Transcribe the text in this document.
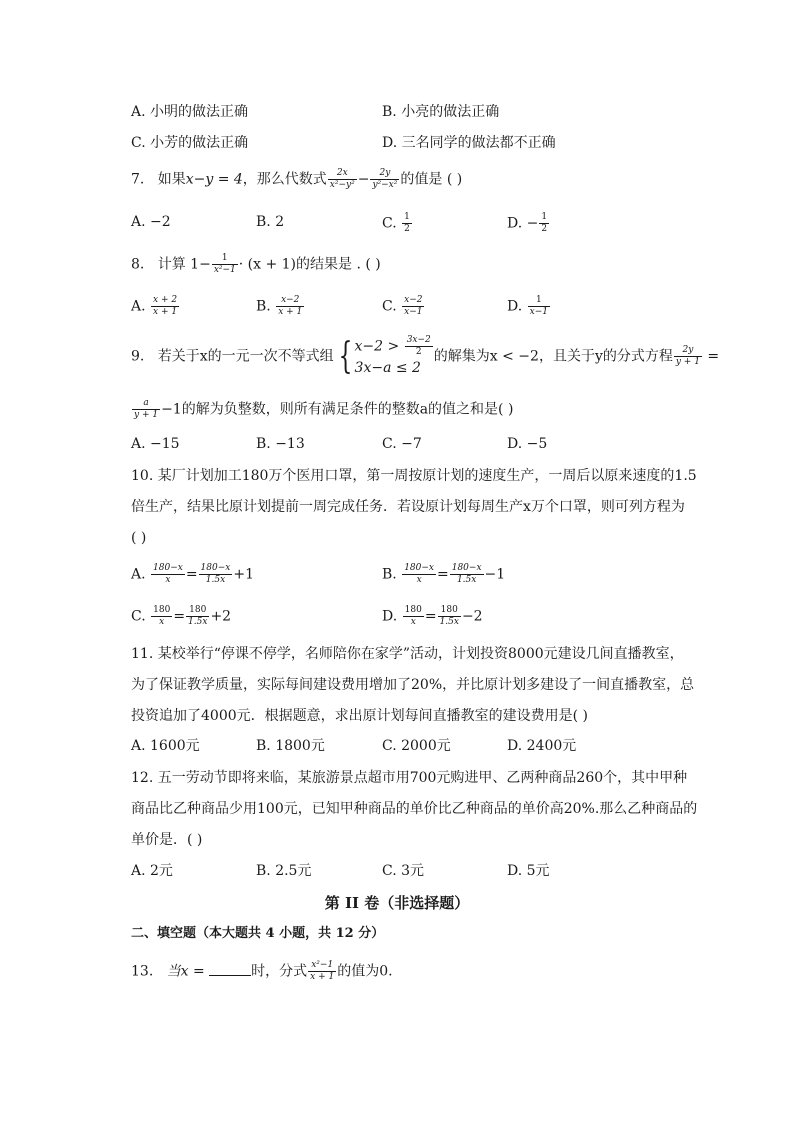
A. 小明的做法正确	B. 小亮的做法正确
C. 小芳的做法正确	D. 三名同学的做法都不正确
7. 如果x−y = 4，那么代数式 $\frac{2x}{\text{x²−y²}} - \frac{2y}{\text{y²−x²}}$ 的值是 ( )
A. −2	B. 2	C. $\frac{1}{2}$	D. − $\frac{1}{2}$
8. 计算 $1- \frac{1}{\text{x²−1}} \cdot (x + 1)$的结果是 . ( )
A. $\frac{x + 2}{x + 1}$	B. $\frac{x-2}{x + 1}$	C. $\frac{x-2}{x-1}$	D. $\frac{1}{x-1}$
9. 若关于x的一元一次不等式组 { $x-2 > \frac{3x-2}{2}$
3x−a ≤ 2
的解集为x < −2，且关于y的分式方程 $\frac{2y}{y + 1}$ =
$\frac{a}{y + 1} -1$的解为负整数，则所有满足条件的整数a的值之和是( )
A. −15	B. −13	C. −7	D. −5
10. 某厂计划加工180万个医用口罩，第一周按原计划的速度生产，一周后以原来速度的1.5
倍生产，结果比原计划提前一周完成任务．若设原计划每周生产x万个口罩，则可列方程为
( )
A. $\frac{180-x}{x} = \frac{180-x}{1.5x} +1$	B. $\frac{180-x}{x} = \frac{180-x}{1.5x} -1$
C. $\frac{180}{x} = \frac{180}{1.5x} +2$	D. $\frac{180}{x} = \frac{180}{1.5x} -2$
11. 某校举行“停课不停学，名师陪你在家学”活动，计划投资8000元建设几间直播教室，
为了保证教学质量，实际每间建设费用增加了20%，并比原计划多建设了一间直播教室，总
投资追加了4000元．根据题意，求出原计划每间直播教室的建设费用是( )
A. 1600元	B. 1800元	C. 2000元	D. 2400元
12. 五一劳动节即将来临，某旅游景点超市用700元购进甲、乙两种商品260个，其中甲种
商品比乙种商品少用100元，已知甲种商品的单价比乙种商品的单价高20%.那么乙种商品的
单价是．( )
A. 2元	B. 2.5元	C. 3元	D. 5元
第 II 卷（非选择题）
二、填空题（本大题共 4 小题，共 12 分）
13. 当x =	时，分式 $\frac{\text{x²−1}}{x + 1}$ 的值为0.
